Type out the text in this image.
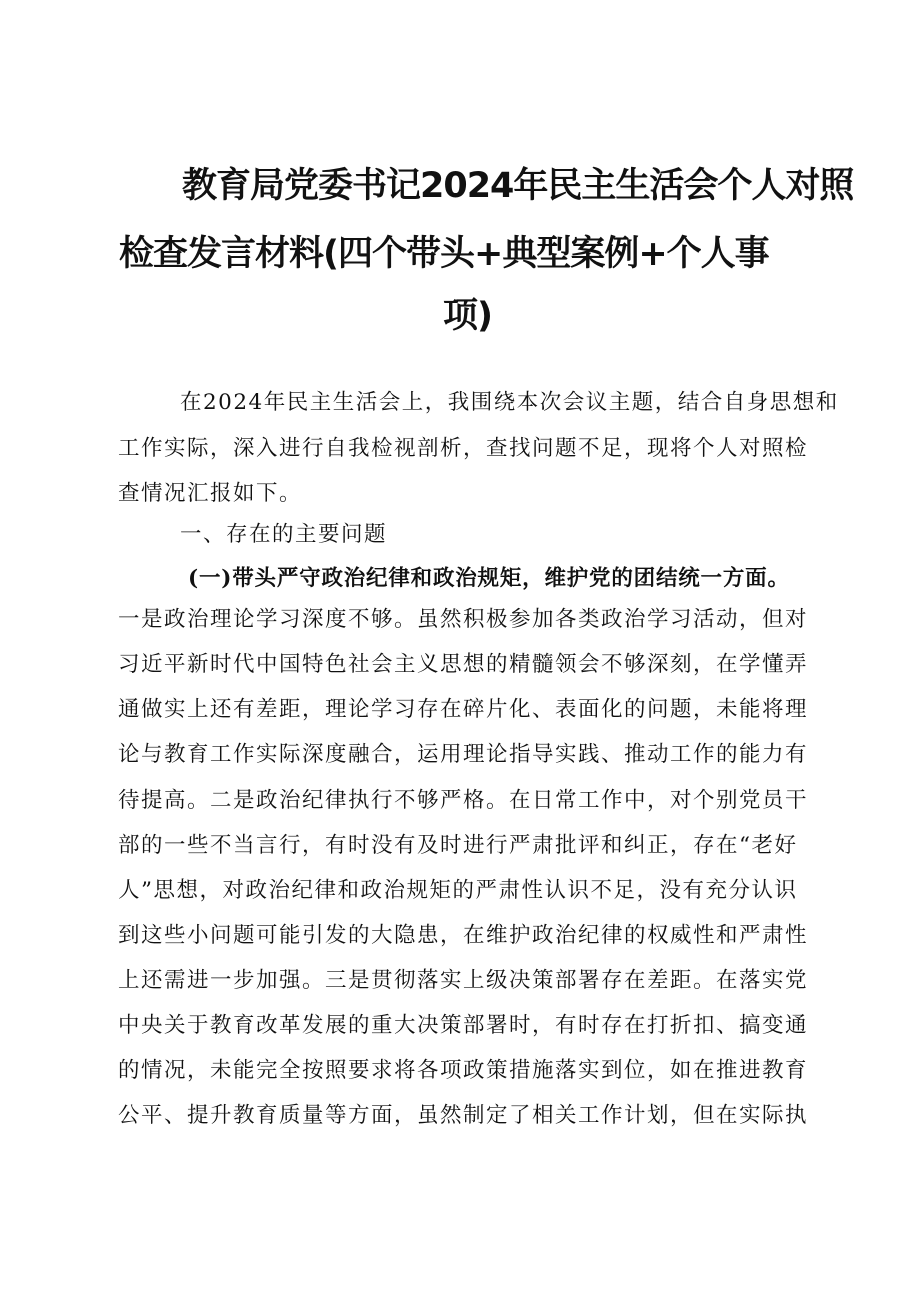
教育局党委书记2024年民主生活会个人对照
检查发言材料(四个带头+典型案例+个人事
项)
在2024年民主生活会上，我围绕本次会议主题，结合自身思想和
工作实际，深入进行自我检视剖析，查找问题不足，现将个人对照检
查情况汇报如下。
一、存在的主要问题
(一)带头严守政治纪律和政治规矩，维护党的团结统一方面。
一是政治理论学习深度不够。虽然积极参加各类政治学习活动，但对
习近平新时代中国特色社会主义思想的精髓领会不够深刻，在学懂弄
通做实上还有差距，理论学习存在碎片化、表面化的问题，未能将理
论与教育工作实际深度融合，运用理论指导实践、推动工作的能力有
待提高。二是政治纪律执行不够严格。在日常工作中，对个别党员干
部的一些不当言行，有时没有及时进行严肃批评和纠正，存在“老好
人”思想，对政治纪律和政治规矩的严肃性认识不足，没有充分认识
到这些小问题可能引发的大隐患，在维护政治纪律的权威性和严肃性
上还需进一步加强。三是贯彻落实上级决策部署存在差距。在落实党
中央关于教育改革发展的重大决策部署时，有时存在打折扣、搞变通
的情况，未能完全按照要求将各项政策措施落实到位，如在推进教育
公平、提升教育质量等方面，虽然制定了相关工作计划，但在实际执
